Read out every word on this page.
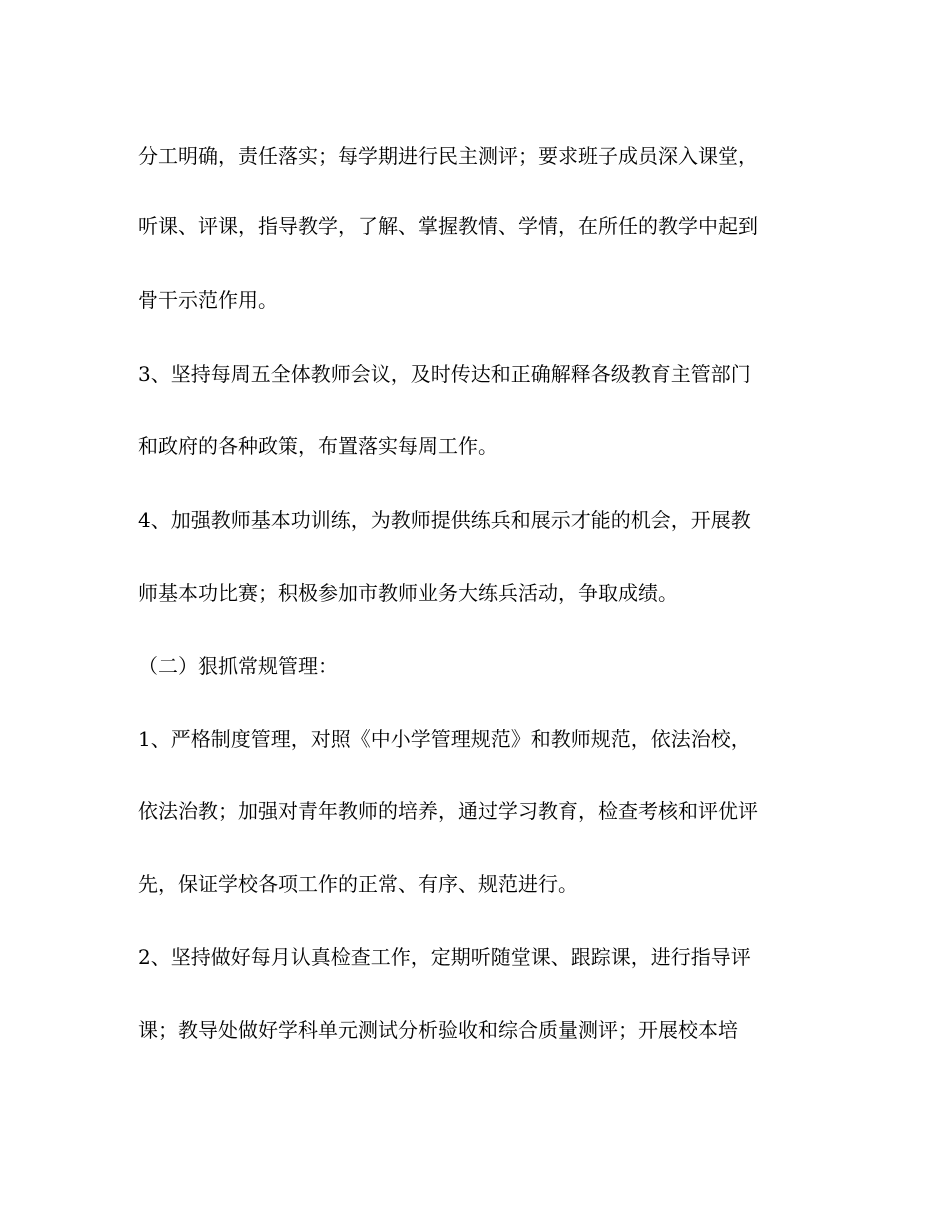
分工明确，责任落实；每学期进行民主测评；要求班子成员深入课堂，

听课、评课，指导教学，了解、掌握教情、学情，在所任的教学中起到

骨干示范作用。

3、坚持每周五全体教师会议，及时传达和正确解释各级教育主管部门

和政府的各种政策，布置落实每周工作。

4、加强教师基本功训练，为教师提供练兵和展示才能的机会，开展教

师基本功比赛；积极参加市教师业务大练兵活动，争取成绩。

（二）狠抓常规管理：

1、严格制度管理，对照《中小学管理规范》和教师规范，依法治校，

依法治教；加强对青年教师的培养，通过学习教育，检查考核和评优评

先，保证学校各项工作的正常、有序、规范进行。

2、坚持做好每月认真检查工作，定期听随堂课、跟踪课，进行指导评

课；教导处做好学科单元测试分析验收和综合质量测评；开展校本培
